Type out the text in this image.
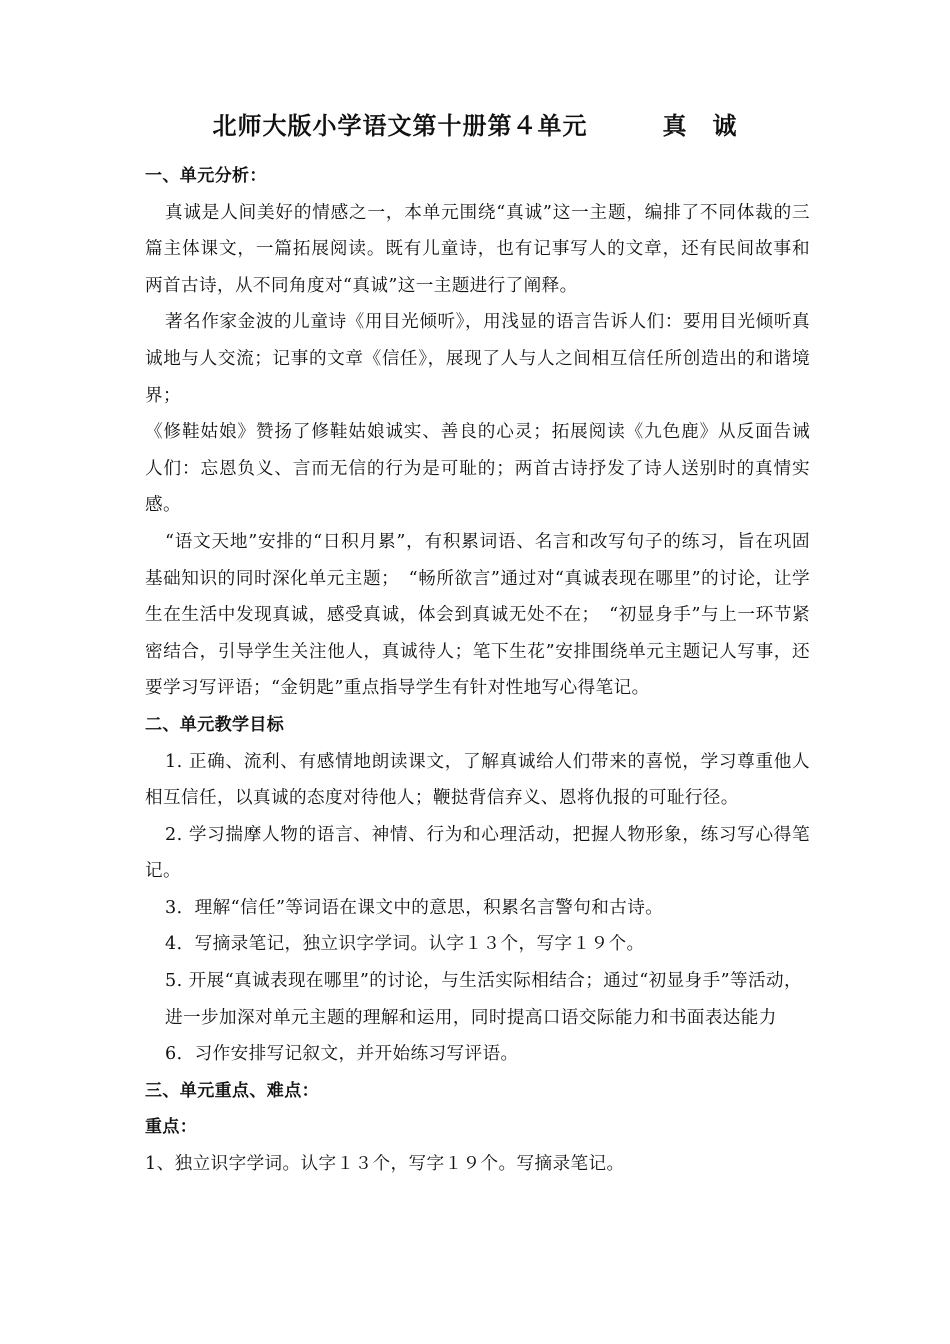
北师大版小学语文第十册第４单元　　　真　诚

一、单元分析：

真诚是人间美好的情感之一，本单元围绕“真诚”这一主题，编排了不同体裁的三篇主体课文，一篇拓展阅读。既有儿童诗，也有记事写人的文章，还有民间故事和两首古诗，从不同角度对“真诚”这一主题进行了阐释。

著名作家金波的儿童诗《用目光倾听》，用浅显的语言告诉人们：要用目光倾听真诚地与人交流；记事的文章《信任》，展现了人与人之间相互信任所创造出的和谐境界；

《修鞋姑娘》赞扬了修鞋姑娘诚实、善良的心灵；拓展阅读《九色鹿》从反面告诫人们：忘恩负义、言而无信的行为是可耻的；两首古诗抒发了诗人送别时的真情实感。

“语文天地”安排的“日积月累”，有积累词语、名言和改写句子的练习，旨在巩固基础知识的同时深化单元主题；　“畅所欲言”通过对“真诚表现在哪里”的讨论，让学生在生活中发现真诚，感受真诚，体会到真诚无处不在；　“初显身手”与上一环节紧密结合，引导学生关注他人，真诚待人；笔下生花”安排围绕单元主题记人写事，还要学习写评语；“金钥匙”重点指导学生有针对性地写心得笔记。

二、单元教学目标

1. 正确、流利、有感情地朗读课文，了解真诚给人们带来的喜悦，学习尊重他人相互信任，以真诚的态度对待他人；鞭挞背信弃义、恩将仇报的可耻行径。

2. 学习揣摩人物的语言、神情、行为和心理活动，把握人物形象，练习写心得笔记。

3．理解“信任”等词语在课文中的意思，积累名言警句和古诗。

4．写摘录笔记，独立识字学词。认字１３个，写字１９个。

5. 开展“真诚表现在哪里”的讨论，与生活实际相结合；通过“初显身手”等活动，

进一步加深对单元主题的理解和运用，同时提高口语交际能力和书面表达能力

6．习作安排写记叙文，并开始练习写评语。

三、单元重点、难点：

重点：

1、独立识字学词。认字１３个，写字１９个。写摘录笔记。
